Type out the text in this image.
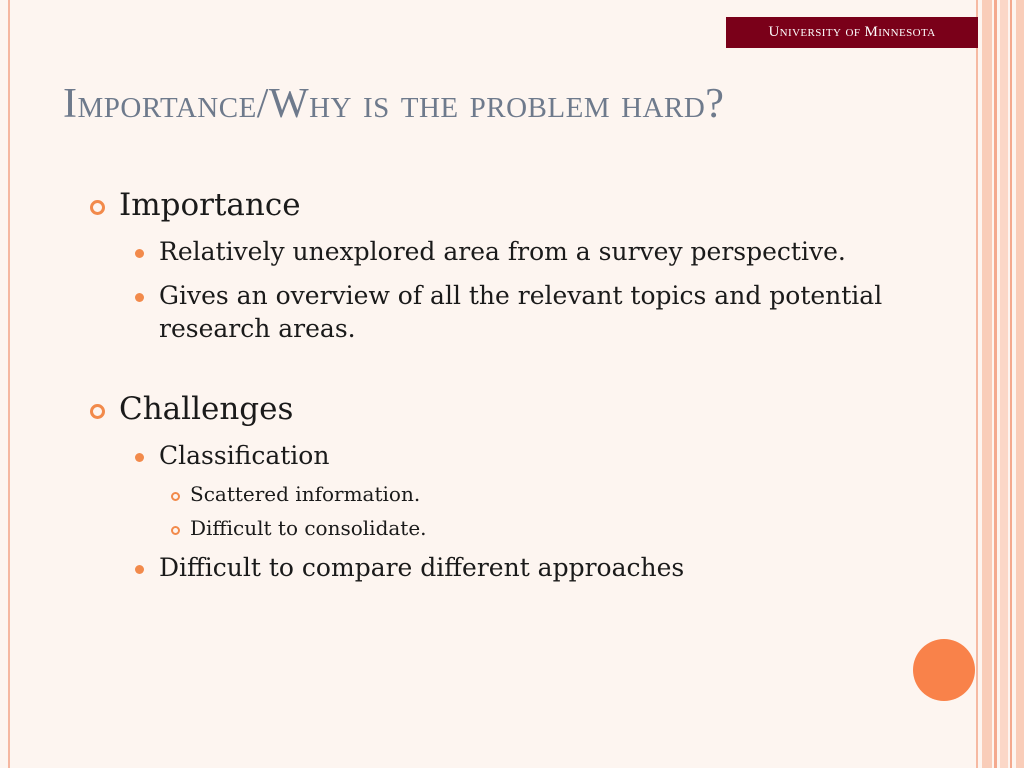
University of Minnesota
Importance/Why is the problem hard?
Importance
Relatively unexplored area from a survey perspective.
Gives an overview of all the relevant topics and potential research areas.
Challenges
Classification
Scattered information.
Difficult to consolidate.
Difficult to compare different approaches
